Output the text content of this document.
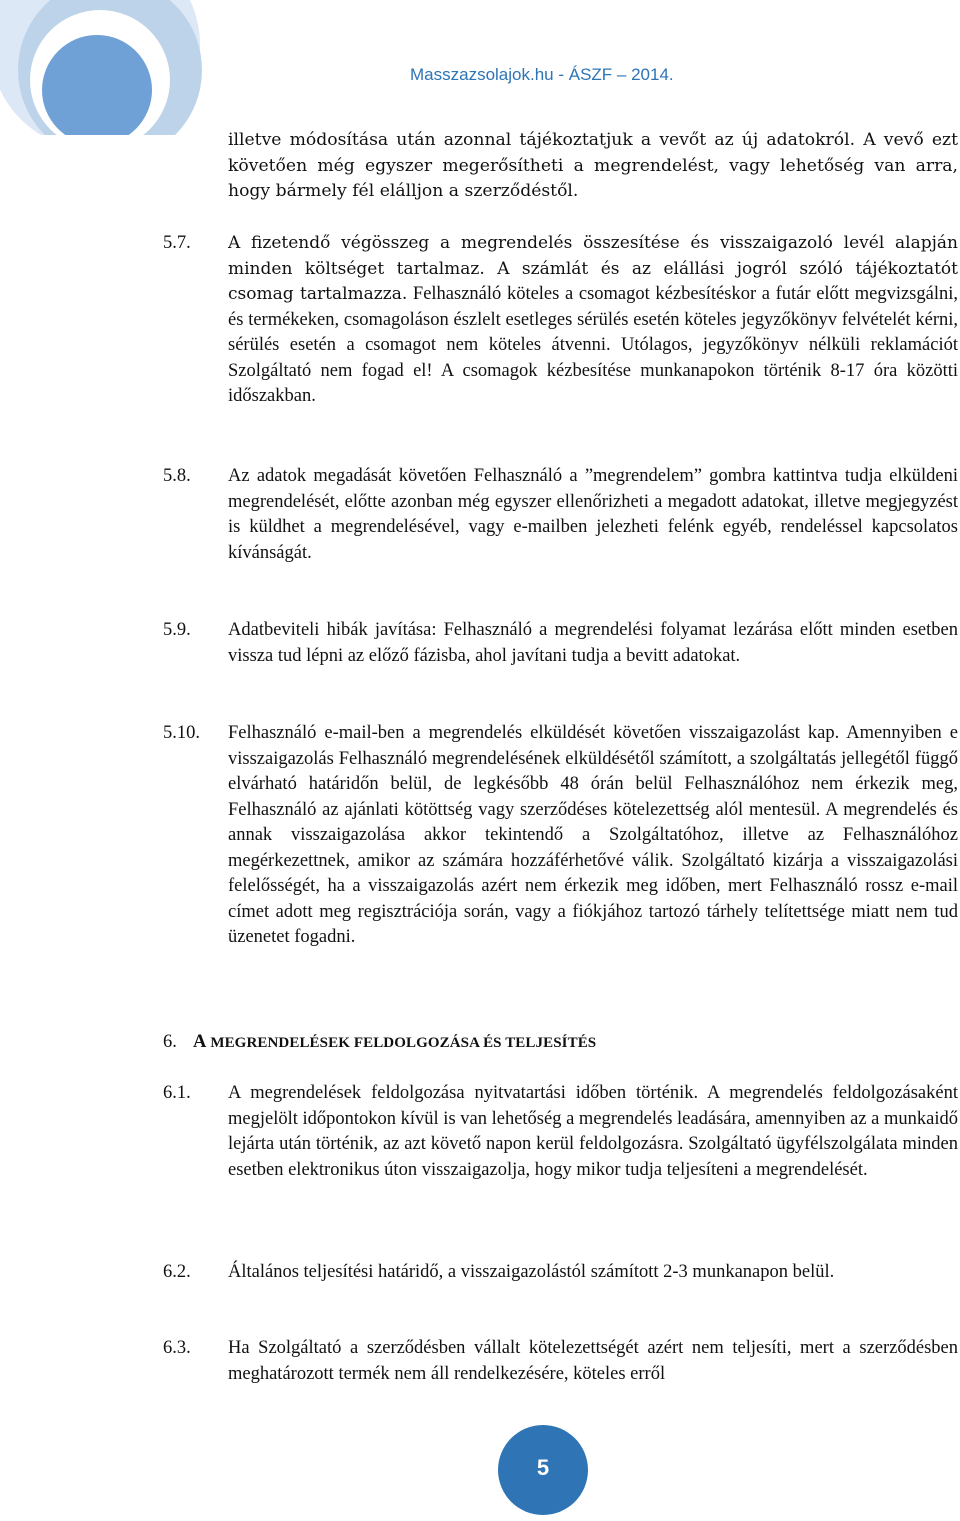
Masszazsolajok.hu - ÁSZF – 2014.

illetve módosítása után azonnal tájékoztatjuk a vevőt az új adatokról. A vevő ezt követően még egyszer megerősítheti a megrendelést, vagy lehetőség van arra, hogy bármely fél elálljon a szerződéstől.

5.7. A fizetendő végösszeg a megrendelés összesítése és visszaigazoló levél alapján minden költséget tartalmaz. A számlát és az elállási jogról szóló tájékoztatót csomag tartalmazza. Felhasználó köteles a csomagot kézbesítéskor a futár előtt megvizsgálni, és termékeken, csomagoláson észlelt esetleges sérülés esetén köteles jegyzőkönyv felvételét kérni, sérülés esetén a csomagot nem köteles átvenni. Utólagos, jegyzőkönyv nélküli reklamációt Szolgáltató nem fogad el! A csomagok kézbesítése munkanapokon történik 8-17 óra közötti időszakban.
5.8. Az adatok megadását követően Felhasználó a ”megrendelem” gombra kattintva tudja elküldeni megrendelését, előtte azonban még egyszer ellenőrizheti a megadott adatokat, illetve megjegyzést is küldhet a megrendelésével, vagy e-mailben jelezheti felénk egyéb, rendeléssel kapcsolatos kívánságát.
5.9. Adatbeviteli hibák javítása: Felhasználó a megrendelési folyamat lezárása előtt minden esetben vissza tud lépni az előző fázisba, ahol javítani tudja a bevitt adatokat.
5.10. Felhasználó e-mail-ben a megrendelés elküldését követően visszaigazolást kap. Amennyiben e visszaigazolás Felhasználó megrendelésének elküldésétől számított, a szolgáltatás jellegétől függő elvárható határidőn belül, de legkésőbb 48 órán belül Felhasználóhoz nem érkezik meg, Felhasználó az ajánlati kötöttség vagy szerződéses kötelezettség alól mentesül. A megrendelés és annak visszaigazolása akkor tekintendő a Szolgáltatóhoz, illetve az Felhasználóhoz megérkezettnek, amikor az számára hozzáférhetővé válik. Szolgáltató kizárja a visszaigazolási felelősségét, ha a visszaigazolás azért nem érkezik meg időben, mert Felhasználó rossz e-mail címet adott meg regisztrációja során, vagy a fiókjához tartozó tárhely telítettsége miatt nem tud üzenetet fogadni.
6. A MEGRENDELÉSEK FELDOLGOZÁSA ÉS TELJESÍTÉS
6.1. A megrendelések feldolgozása nyitvatartási időben történik. A megrendelés feldolgozásaként megjelölt időpontokon kívül is van lehetőség a megrendelés leadására, amennyiben az a munkaidő lejárta után történik, az azt követő napon kerül feldolgozásra. Szolgáltató ügyfélszolgálata minden esetben elektronikus úton visszaigazolja, hogy mikor tudja teljesíteni a megrendelését.
6.2. Általános teljesítési határidő, a visszaigazolástól számított 2-3 munkanapon belül.
6.3. Ha Szolgáltató a szerződésben vállalt kötelezettségét azért nem teljesíti, mert a szerződésben meghatározott termék nem áll rendelkezésére, köteles erről
5
